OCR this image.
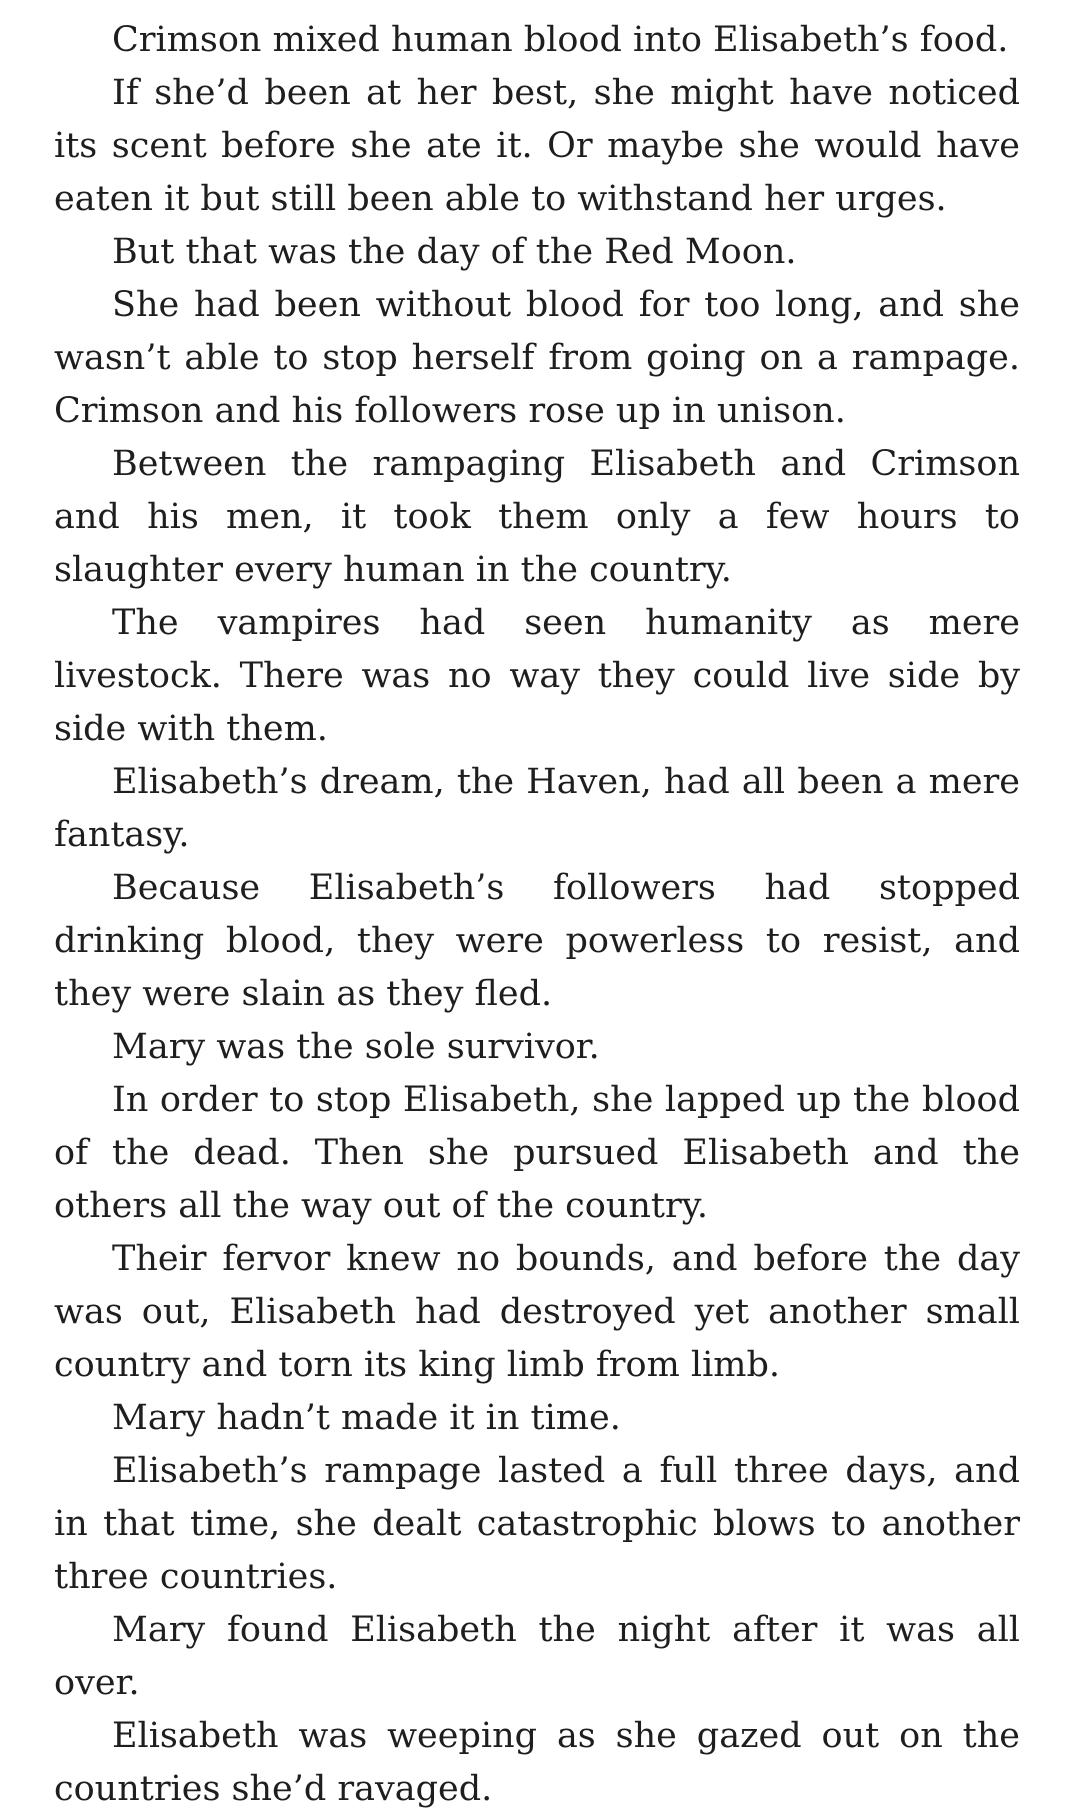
Crimson mixed human blood into Elisabeth’s food.

If she’d been at her best, she might have noticed its scent before she ate it. Or maybe she would have eaten it but still been able to withstand her urges.

But that was the day of the Red Moon.

She had been without blood for too long, and she wasn’t able to stop herself from going on a rampage. Crimson and his followers rose up in unison.

Between the rampaging Elisabeth and Crimson and his men, it took them only a few hours to slaughter every human in the country.

The vampires had seen humanity as mere livestock. There was no way they could live side by side with them.

Elisabeth’s dream, the Haven, had all been a mere fantasy.

Because Elisabeth’s followers had stopped drinking blood, they were powerless to resist, and they were slain as they fled.

Mary was the sole survivor.

In order to stop Elisabeth, she lapped up the blood of the dead. Then she pursued Elisabeth and the others all the way out of the country.

Their fervor knew no bounds, and before the day was out, Elisabeth had destroyed yet another small country and torn its king limb from limb.

Mary hadn’t made it in time.

Elisabeth’s rampage lasted a full three days, and in that time, she dealt catastrophic blows to another three countries.

Mary found Elisabeth the night after it was all over.

Elisabeth was weeping as she gazed out on the countries she’d ravaged.
